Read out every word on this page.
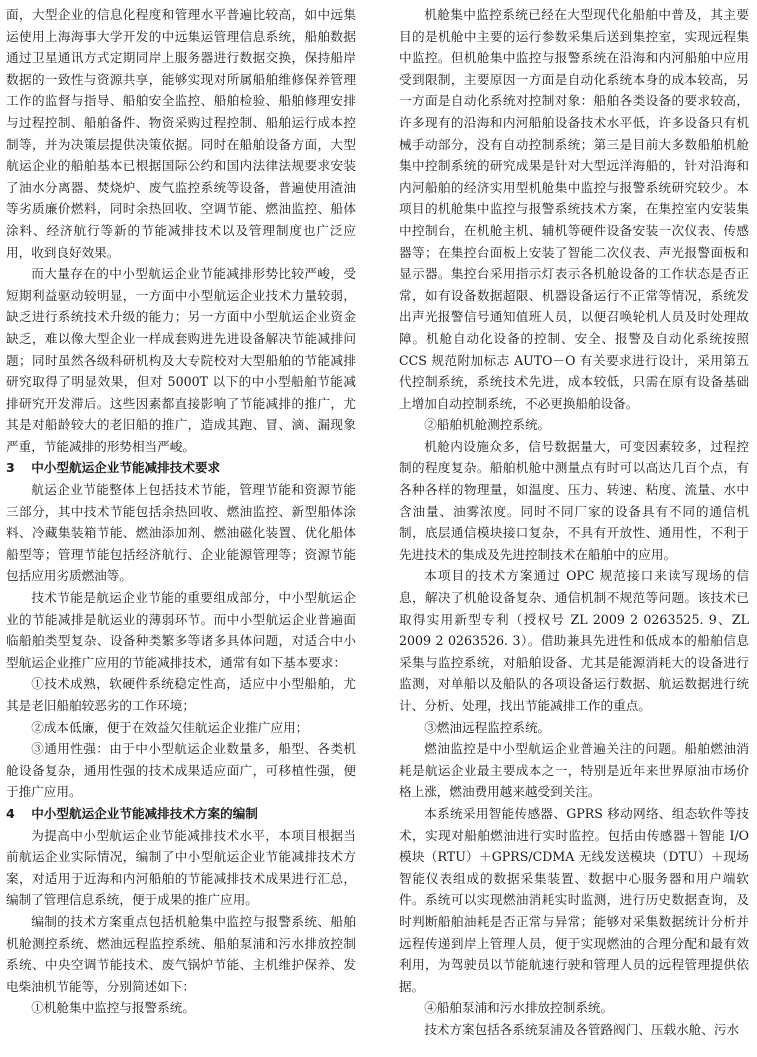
面，大型企业的信息化程度和管理水平普遍比较高，如中远集运使用上海海事大学开发的中远集运管理信息系统，船舶数据通过卫星通讯方式定期同岸上服务器进行数据交换，保持船岸数据的一致性与资源共享，能够实现对所属船舶维修保养管理工作的监督与指导、船舶安全监控、船舶检验、船舶修理安排与过程控制、船舶备件、物资采购过程控制、船舶运行成本控制等，并为决策层提供决策依据。同时在船舶设备方面，大型航运企业的船舶基本已根据国际公约和国内法律法规要求安装了油水分离器、焚烧炉、废气监控系统等设备，普遍使用渣油等劣质廉价燃料，同时余热回收、空调节能、燃油监控、船体涂料、经济航行等新的节能减排技术以及管理制度也广泛应用，收到良好效果。

而大量存在的中小型航运企业节能减排形势比较严峻，受短期利益驱动较明显，一方面中小型航运企业技术力量较弱，缺乏进行系统技术升级的能力；另一方面中小型航运企业资金缺乏，难以像大型企业一样成套购进先进设备解决节能减排问题；同时虽然各级科研机构及大专院校对大型船舶的节能减排研究取得了明显效果，但对 5000T 以下的中小型船舶节能减排研究开发滞后。这些因素都直接影响了节能减排的推广，尤其是对船龄较大的老旧船的推广，造成其跑、冒、滴、漏现象严重，节能减排的形势相当严峻。

3 中小型航运企业节能减排技术要求

航运企业节能整体上包括技术节能，管理节能和资源节能三部分，其中技术节能包括余热回收、燃油监控、新型船体涂料、冷藏集装箱节能、燃油添加剂、燃油磁化装置、优化船体船型等；管理节能包括经济航行、企业能源管理等；资源节能包括应用劣质燃油等。

技术节能是航运企业节能的重要组成部分，中小型航运企业的节能减排是航运业的薄弱环节。而中小型航运企业普遍面临船舶类型复杂、设备种类繁多等诸多具体问题，对适合中小型航运企业推广应用的节能减排技术，通常有如下基本要求：

①技术成熟，软硬件系统稳定性高，适应中小型船舶，尤其是老旧船舶较恶劣的工作环境；

②成本低廉，便于在效益欠佳航运企业推广应用；

③通用性强：由于中小型航运企业数量多，船型、各类机舱设备复杂，通用性强的技术成果适应面广，可移植性强，便于推广应用。

4 中小型航运企业节能减排技术方案的编制

为提高中小型航运企业节能减排技术水平，本项目根据当前航运企业实际情况，编制了中小型航运企业节能减排技术方案，对适用于近海和内河船舶的节能减排技术成果进行汇总，编制了管理信息系统，便于成果的推广应用。

编制的技术方案重点包括机舱集中监控与报警系统、船舶机舱测控系统、燃油远程监控系统、船舶泵浦和污水排放控制系统、中央空调节能技术、废气锅炉节能、主机维护保养、发电柴油机节能等，分别简述如下：

①机舱集中监控与报警系统。

机舱集中监控系统已经在大型现代化船舶中普及，其主要目的是机舱中主要的运行参数采集后送到集控室，实现远程集中监控。但机舱集中监控与报警系统在沿海和内河船舶中应用受到限制，主要原因一方面是自动化系统本身的成本较高，另一方面是自动化系统对控制对象：船舶各类设备的要求较高，许多现有的沿海和内河船舶设备技术水平低，许多设备只有机械手动部分，没有自动控制系统；第三是目前大多数船舶机舱集中控制系统的研究成果是针对大型远洋海船的，针对沿海和内河船舶的经济实用型机舱集中监控与报警系统研究较少。本项目的机舱集中监控与报警系统技术方案，在集控室内安装集中控制台，在机舱主机、辅机等硬件设备安装一次仪表、传感器等；在集控台面板上安装了智能二次仪表、声光报警面板和显示器。集控台采用指示灯表示各机舱设备的工作状态是否正常，如有设备数据超限、机器设备运行不正常等情况，系统发出声光报警信号通知值班人员，以便召唤轮机人员及时处理故障。机舱自动化设备的控制、安全、报警及自动化系统按照 CCS 规范附加标志 AUTO－O 有关要求进行设计，采用第五代控制系统，系统技术先进，成本较低，只需在原有设备基础上增加自动控制系统，不必更换船舶设备。

②船舶机舱测控系统。

机舱内设施众多，信号数据量大，可变因素较多，过程控制的程度复杂。船舶机舱中测量点有时可以高达几百个点，有各种各样的物理量，如温度、压力、转速、粘度、流量、水中含油量、油雾浓度。同时不同厂家的设备具有不同的通信机制，底层通信模块接口复杂，不具有开放性、通用性，不利于先进技术的集成及先进控制技术在船舶中的应用。

本项目的技术方案通过 OPC 规范接口来读写现场的信息，解决了机舱设备复杂、通信机制不规范等问题。该技术已取得实用新型专利（授权号 ZL 2009 2 0263525. 9、ZL 2009 2 0263526. 3）。借助兼具先进性和低成本的船舶信息采集与监控系统，对船舶设备、尤其是能源消耗大的设备进行监测，对单船以及船队的各项设备运行数据、航运数据进行统计、分析、处理，找出节能减排工作的重点。

③燃油远程监控系统。

燃油监控是中小型航运企业普遍关注的问题。船舶燃油消耗是航运企业最主要成本之一，特别是近年来世界原油市场价格上涨，燃油费用越来越受到关注。

本系统采用智能传感器、GPRS 移动网络、组态软件等技术，实现对船舶燃油进行实时监控。包括由传感器＋智能 I/O 模块（RTU）＋GPRS/CDMA 无线发送模块（DTU）＋现场智能仪表组成的数据采集装置、数据中心服务器和用户端软件。系统可以实现燃油消耗实时监测，进行历史数据查询，及时判断船舶油耗是否正常与异常；能够对采集数据统计分析并远程传递到岸上管理人员，便于实现燃油的合理分配和最有效利用，为驾驶员以节能航速行驶和管理人员的远程管理提供依据。

④船舶泵浦和污水排放控制系统。

技术方案包括各系统泵浦及各管路阀门、压载水舱、污水
